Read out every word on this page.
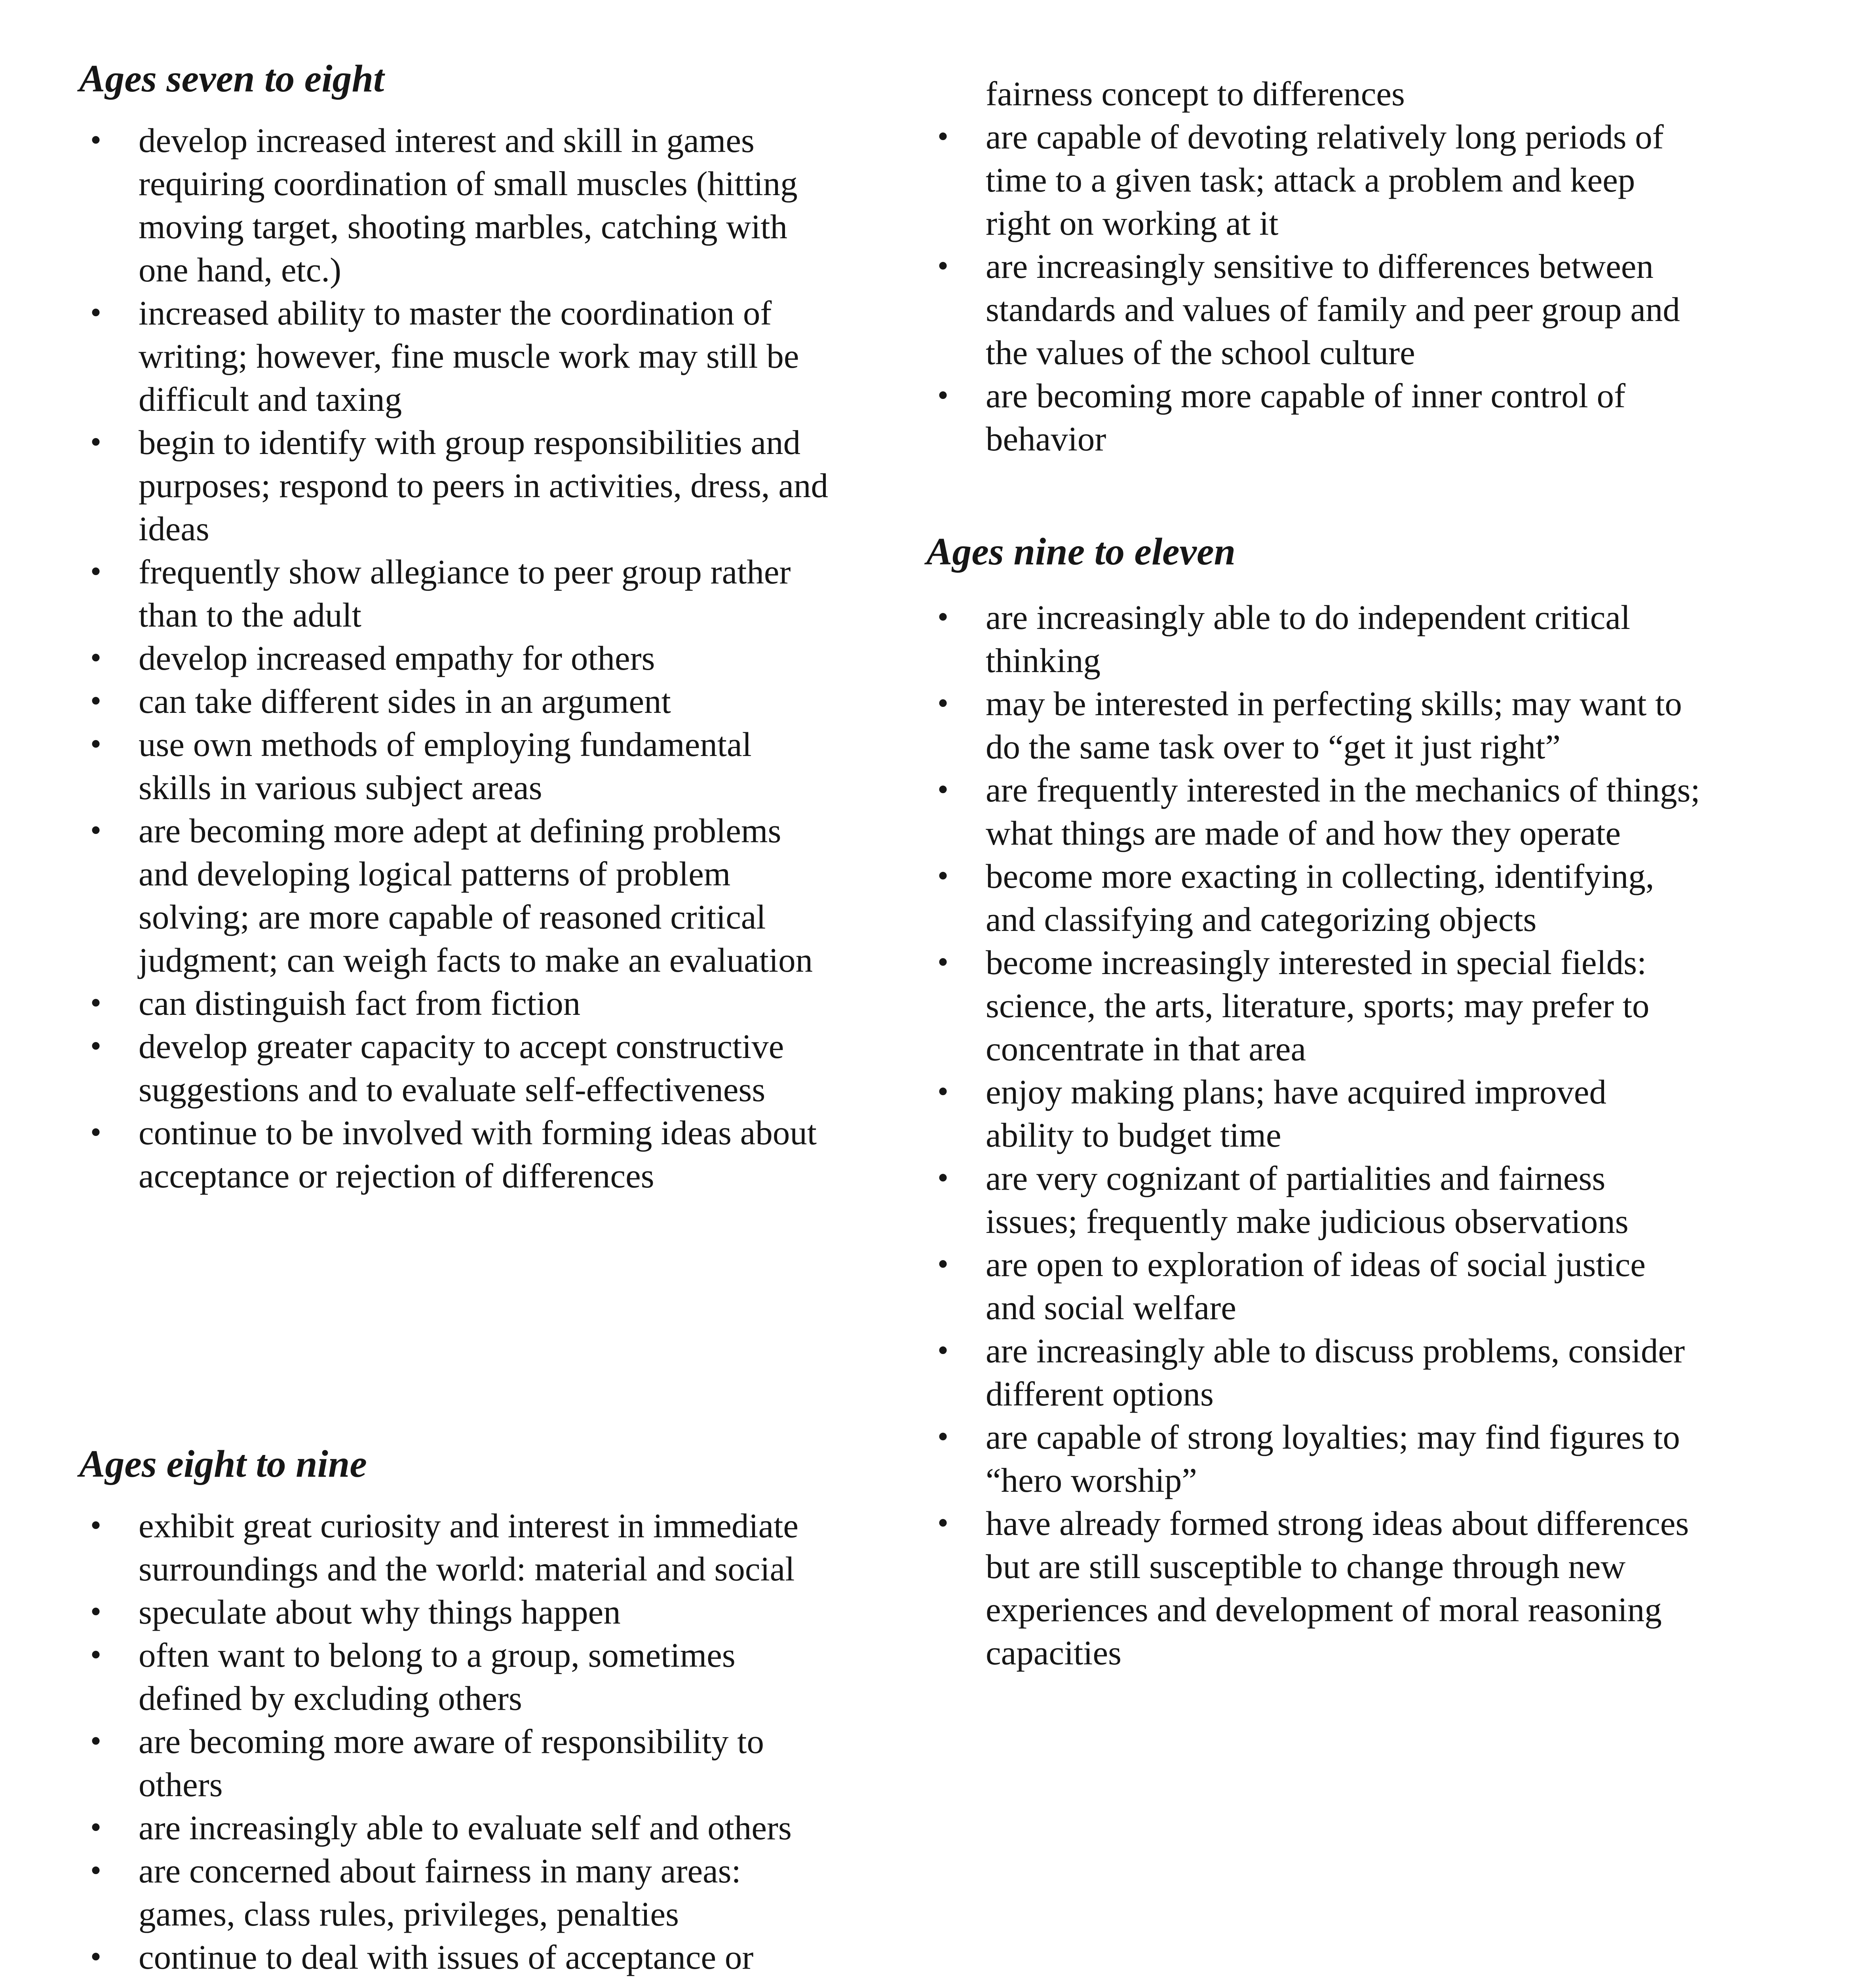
Ages seven to eight
• develop increased interest and skill in games requiring coordination of small muscles (hitting moving target, shooting marbles, catching with one hand, etc.)
• increased ability to master the coordination of writing; however, fine muscle work may still be difficult and taxing
• begin to identify with group responsibilities and purposes; respond to peers in activities, dress, and ideas
• frequently show allegiance to peer group rather than to the adult
• develop increased empathy for others
• can take different sides in an argument
• use own methods of employing fundamental skills in various subject areas
• are becoming more adept at defining problems and developing logical patterns of problem solving; are more capable of reasoned critical judgment; can weigh facts to make an evaluation
• can distinguish fact from fiction
• develop greater capacity to accept constructive suggestions and to evaluate self-effectiveness
• continue to be involved with forming ideas about acceptance or rejection of differences
Ages eight to nine
• exhibit great curiosity and interest in immediate surroundings and the world: material and social
• speculate about why things happen
• often want to belong to a group, sometimes defined by excluding others
• are becoming more aware of responsibility to others
• are increasingly able to evaluate self and others
• are concerned about fairness in many areas: games, class rules, privileges, penalties
• continue to deal with issues of acceptance or

fairness concept to differences

• are capable of devoting relatively long periods of time to a given task; attack a problem and keep right on working at it
• are increasingly sensitive to differences between standards and values of family and peer group and the values of the school culture
• are becoming more capable of inner control of behavior
Ages nine to eleven
• are increasingly able to do independent critical thinking
• may be interested in perfecting skills; may want to do the same task over to “get it just right”
• are frequently interested in the mechanics of things; what things are made of and how they operate
• become more exacting in collecting, identifying, and classifying and categorizing objects
• become increasingly interested in special fields: science, the arts, literature, sports; may prefer to concentrate in that area
• enjoy making plans; have acquired improved ability to budget time
• are very cognizant of partialities and fairness issues; frequently make judicious observations
• are open to exploration of ideas of social justice and social welfare
• are increasingly able to discuss problems, consider different options
• are capable of strong loyalties; may find figures to “hero worship”
• have already formed strong ideas about differences but are still susceptible to change through new experiences and development of moral reasoning capacities
